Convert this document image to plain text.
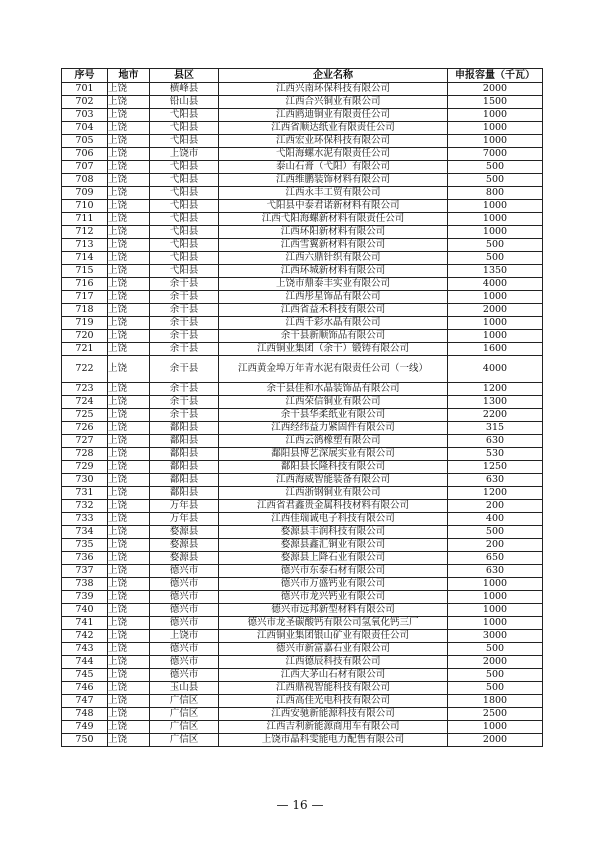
序号	地市	县区	企业名称	申报容量（千瓦）
701	上饶	横峰县	江西兴南环保科技有限公司	2000
702	上饶	铅山县	江西合兴铜业有限公司	1500
703	上饶	弋阳县	江西鸥迪铜业有限责任公司	1000
704	上饶	弋阳县	江西省顺达纸业有限责任公司	1000
705	上饶	弋阳县	江西宏业环保科技有限公司	1000
706	上饶	上饶市	弋阳海螺水泥有限责任公司	7000
707	上饶	弋阳县	泰山石膏（弋阳）有限公司	500
708	上饶	弋阳县	江西维鹏装饰材料有限公司	500
709	上饶	弋阳县	江西永丰工贸有限公司	800
710	上饶	弋阳县	弋阳县中泰君诺新材料有限公司	1000
711	上饶	弋阳县	江西弋阳海螺新材料有限责任公司	1000
712	上饶	弋阳县	江西环阳新材料有限公司	1000
713	上饶	弋阳县	江西雪翼新材料有限公司	500
714	上饶	弋阳县	江西六鼎针织有限公司	500
715	上饶	弋阳县	江西环城新材料有限公司	1350
716	上饶	余干县	上饶市鼎泰丰实业有限公司	4000
717	上饶	余干县	江西彤星饰品有限公司	1000
718	上饶	余干县	江西省益禾科技有限公司	2000
719	上饶	余干县	江西千彩水晶有限公司	1000
720	上饶	余干县	余干县新顺饰品有限公司	1000
721	上饶	余干县	江西铜业集团（余干）锻铸有限公司	1600
722	上饶	余干县	江西黄金埠万年青水泥有限责任公司（一线）	4000
723	上饶	余干县	余干县佳和水晶装饰品有限公司	1200
724	上饶	余干县	江西荣信铜业有限公司	1300
725	上饶	余干县	余干县华柔纸业有限公司	2200
726	上饶	鄱阳县	江西经纬益力紧固件有限公司	315
727	上饶	鄱阳县	江西云鹆橡塑有限公司	630
728	上饶	鄱阳县	鄱阳县博艺深展实业有限公司	530
729	上饶	鄱阳县	鄱阳县长隆科技有限公司	1250
730	上饶	鄱阳县	江西海威智能装备有限公司	630
731	上饶	鄱阳县	江西浙钢铜业有限公司	1200
732	上饶	万年县	江西省君鑫贵金属科技材料有限公司	200
733	上饶	万年县	江西佳瑞诚电子科技有限公司	400
734	上饶	婺源县	婺源县丰润科技有限公司	500
735	上饶	婺源县	婺源县鑫汇铜业有限公司	200
736	上饶	婺源县	婺源县上降石业有限公司	650
737	上饶	德兴市	德兴市东泰石材有限公司	630
738	上饶	德兴市	德兴市万盛钙业有限公司	1000
739	上饶	德兴市	德兴市龙兴钙业有限公司	1000
740	上饶	德兴市	德兴市远邦新型材料有限公司	1000
741	上饶	德兴市	德兴市龙圣碳酸钙有限公司氢氧化钙三厂	1000
742	上饶	上饶市	江西铜业集团银山矿业有限责任公司	3000
743	上饶	德兴市	德兴市新富嘉石业有限公司	500
744	上饶	德兴市	江西德辰科技有限公司	2000
745	上饶	德兴市	江西大茅山石材有限公司	500
746	上饶	玉山县	江西鼎视智能科技有限公司	500
747	上饶	广信区	江西高佳光电科技有限公司	1800
748	上饶	广信区	江西安驰新能源科技有限公司	2500
749	上饶	广信区	江西吉利新能源商用车有限公司	1000
750	上饶	广信区	上饶市晶科雯能电力配售有限公司	2000
— 16 —
